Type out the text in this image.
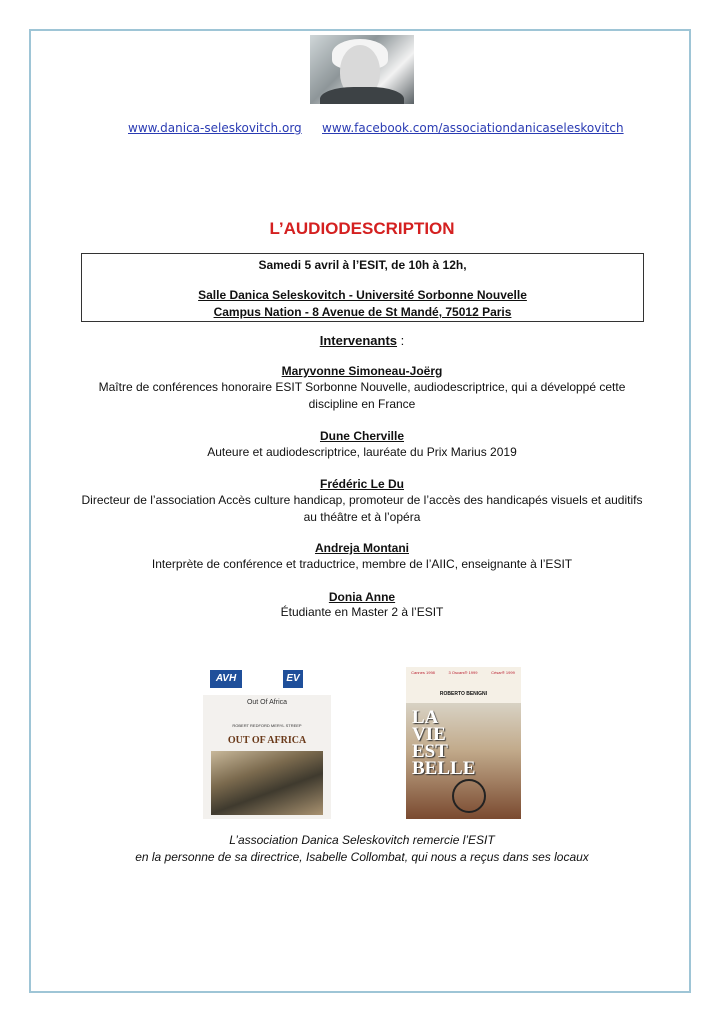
www.danica-seleskovitch.org www.facebook.com/associationdanicaseleskovitch
L’AUDIODESCRIPTION
Samedi 5 avril à l’ESIT, de 10h à 12h,
Salle Danica Seleskovitch - Université Sorbonne Nouvelle
Campus Nation - 8 Avenue de St Mandé, 75012 Paris
Intervenants :
Maryvonne Simoneau-Joërg
Maître de conférences honoraire ESIT Sorbonne Nouvelle, audiodescriptrice, qui a développé cette
discipline en France
Dune Cherville
Auteure et audiodescriptrice, lauréate du Prix Marius 2019
Frédéric Le Du
Directeur de l’association Accès culture handicap, promoteur de l’accès des handicapés visuels et auditifs
au théâtre et à l’opéra
Andreja Montani
Interprète de conférence et traductrice, membre de l’AIIC, enseignante à l’ESIT
Donia Anne
Étudiante en Master 2 à l’ESIT
AVH	EV
Out Of Africa
ROBERT REDFORD MERYL STREEP
OUT OF AFRICA
Cannes 1998	3 Oscars® 1999	César® 1999
ROBERTO BENIGNI
LA
VIE
EST
BELLE
L’association Danica Seleskovitch remercie l’ESIT
en la personne de sa directrice, Isabelle Collombat, qui nous a reçus dans ses locaux
